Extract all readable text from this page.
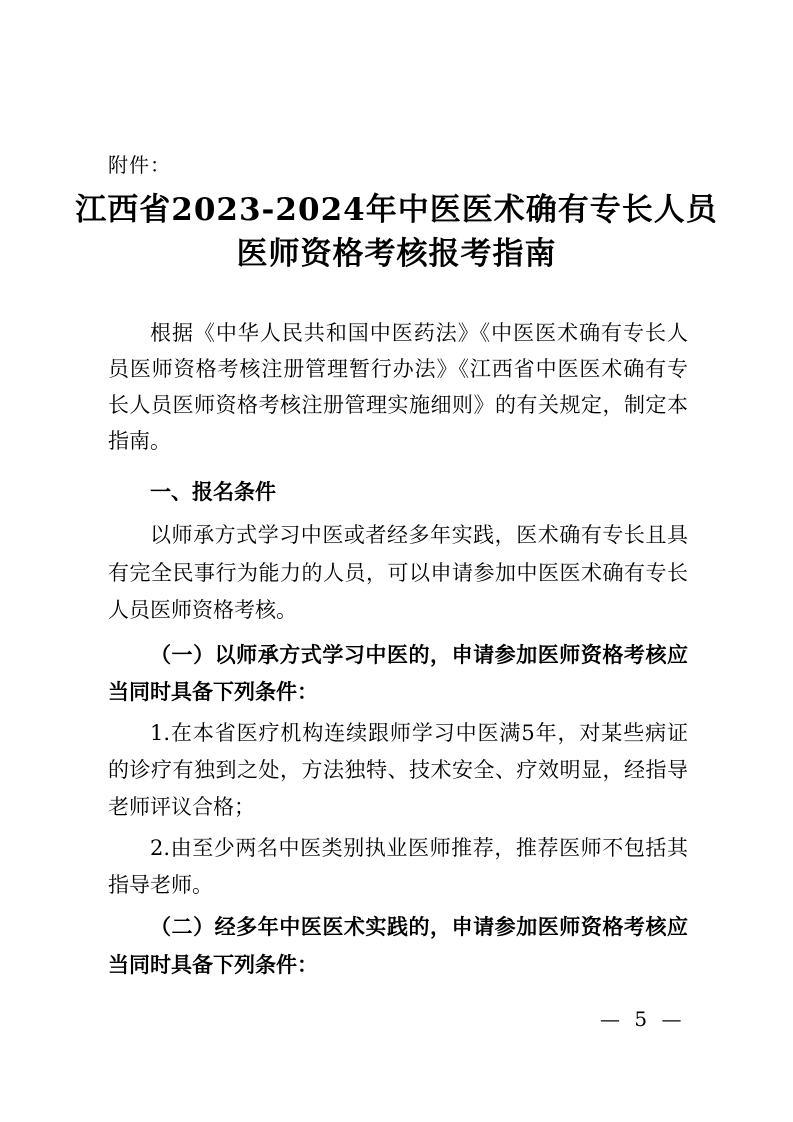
附件：
江西省2023-2024年中医医术确有专长人员
医师资格考核报考指南
根据《中华人民共和国中医药法》《中医医术确有专长人
员医师资格考核注册管理暂行办法》《江西省中医医术确有专
长人员医师资格考核注册管理实施细则》的有关规定，制定本
指南。
一、报名条件
以师承方式学习中医或者经多年实践，医术确有专长且具
有完全民事行为能力的人员，可以申请参加中医医术确有专长
人员医师资格考核。
（一）以师承方式学习中医的，申请参加医师资格考核应
当同时具备下列条件：
1.在本省医疗机构连续跟师学习中医满5年，对某些病证
的诊疗有独到之处，方法独特、技术安全、疗效明显，经指导
老师评议合格；
2.由至少两名中医类别执业医师推荐，推荐医师不包括其
指导老师。
（二）经多年中医医术实践的，申请参加医师资格考核应
当同时具备下列条件：
— 5 —
